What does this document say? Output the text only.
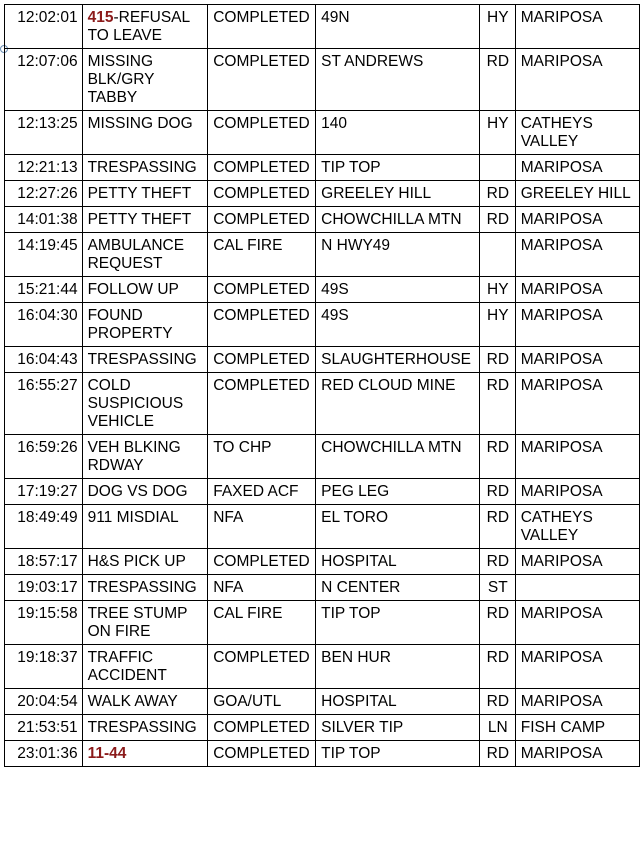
12:02:01	415-REFUSAL TO LEAVE	COMPLETED	49N	HY	MARIPOSA
12:07:06	MISSING BLK/GRY TABBY	COMPLETED	ST ANDREWS	RD	MARIPOSA
12:13:25	MISSING DOG	COMPLETED	140	HY	CATHEYS VALLEY
12:21:13	TRESPASSING	COMPLETED	TIP TOP		MARIPOSA
12:27:26	PETTY THEFT	COMPLETED	GREELEY HILL	RD	GREELEY HILL
14:01:38	PETTY THEFT	COMPLETED	CHOWCHILLA MTN	RD	MARIPOSA
14:19:45	AMBULANCE REQUEST	CAL FIRE	N HWY49		MARIPOSA
15:21:44	FOLLOW UP	COMPLETED	49S	HY	MARIPOSA
16:04:30	FOUND PROPERTY	COMPLETED	49S	HY	MARIPOSA
16:04:43	TRESPASSING	COMPLETED	SLAUGHTERHOUSE	RD	MARIPOSA
16:55:27	COLD SUSPICIOUS VEHICLE	COMPLETED	RED CLOUD MINE	RD	MARIPOSA
16:59:26	VEH BLKING RDWAY	TO CHP	CHOWCHILLA MTN	RD	MARIPOSA
17:19:27	DOG VS DOG	FAXED ACF	PEG LEG	RD	MARIPOSA
18:49:49	911 MISDIAL	NFA	EL TORO	RD	CATHEYS VALLEY
18:57:17	H&S PICK UP	COMPLETED	HOSPITAL	RD	MARIPOSA
19:03:17	TRESPASSING	NFA	N CENTER	ST	
19:15:58	TREE STUMP ON FIRE	CAL FIRE	TIP TOP	RD	MARIPOSA
19:18:37	TRAFFIC ACCIDENT	COMPLETED	BEN HUR	RD	MARIPOSA
20:04:54	WALK AWAY	GOA/UTL	HOSPITAL	RD	MARIPOSA
21:53:51	TRESPASSING	COMPLETED	SILVER TIP	LN	FISH CAMP
23:01:36	11-44	COMPLETED	TIP TOP	RD	MARIPOSA
